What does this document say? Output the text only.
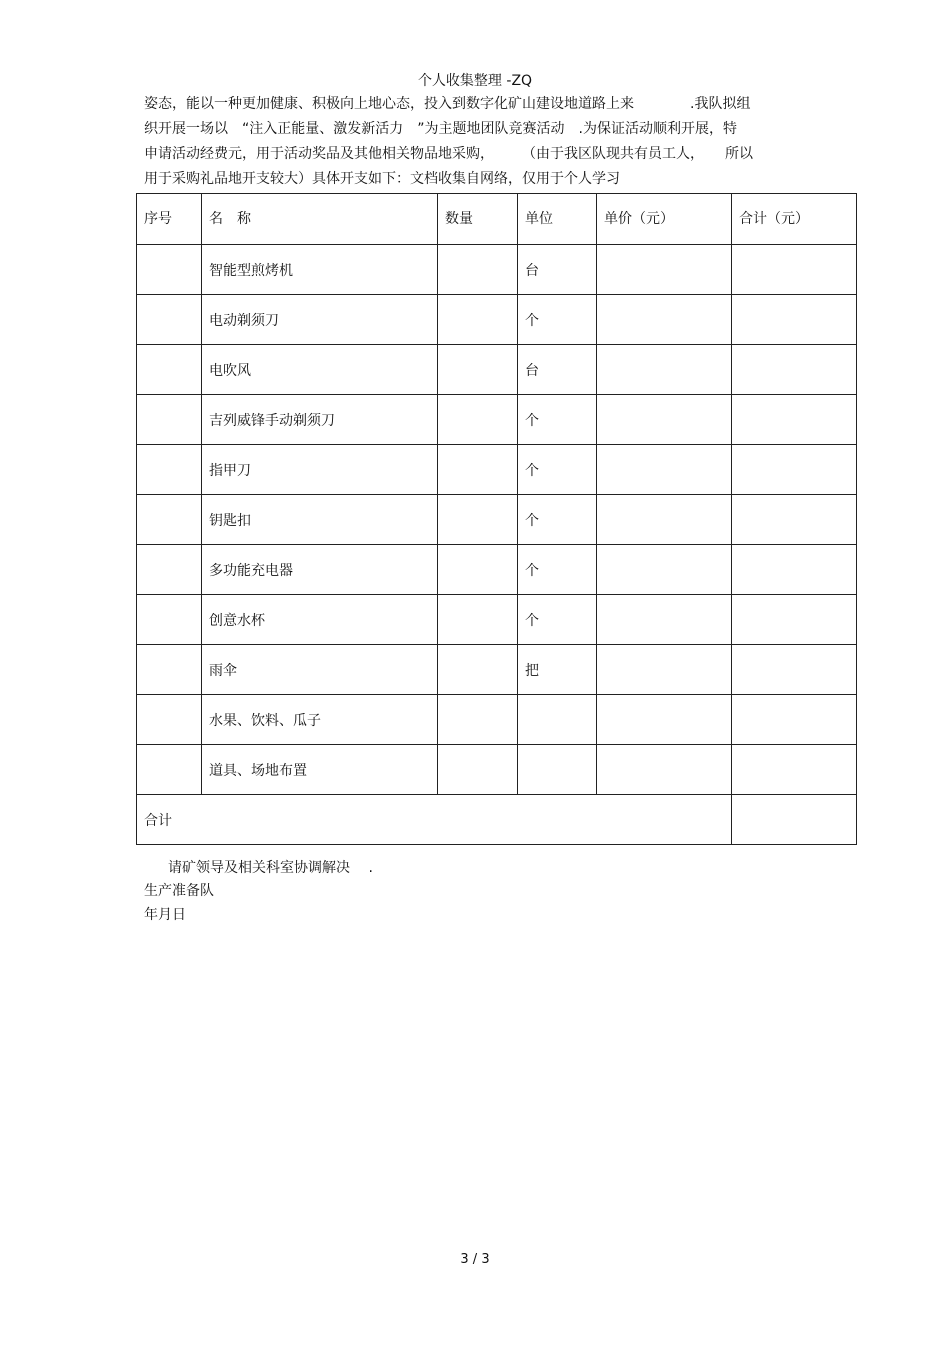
个人收集整理 -ZQ
姿态，能以一种更加健康、积极向上地心态，投入到数字化矿山建设地道路上来　　　　.我队拟组
织开展一场以　“注入正能量、激发新活力　”为主题地团队竞赛活动　.为保证活动顺利开展，特
申请活动经费元，用于活动奖品及其他相关物品地采购，　　　（由于我区队现共有员工人，　　所以
用于采购礼品地开支较大）具体开支如下：文档收集自网络，仅用于个人学习
序号	名　称	数量	单位	单价（元）	合计（元）
	智能型煎烤机		台		
	电动剃须刀		个		
	电吹风		台		
	吉列威锋手动剃须刀		个		
	指甲刀		个		
	钥匙扣		个		
	多功能充电器		个		
	创意水杯		个		
	雨伞		把		
	水果、饮料、瓜子				
	道具、场地布置				
合计					
请矿领导及相关科室协调解决　 .
生产准备队
年月日
3 / 3
